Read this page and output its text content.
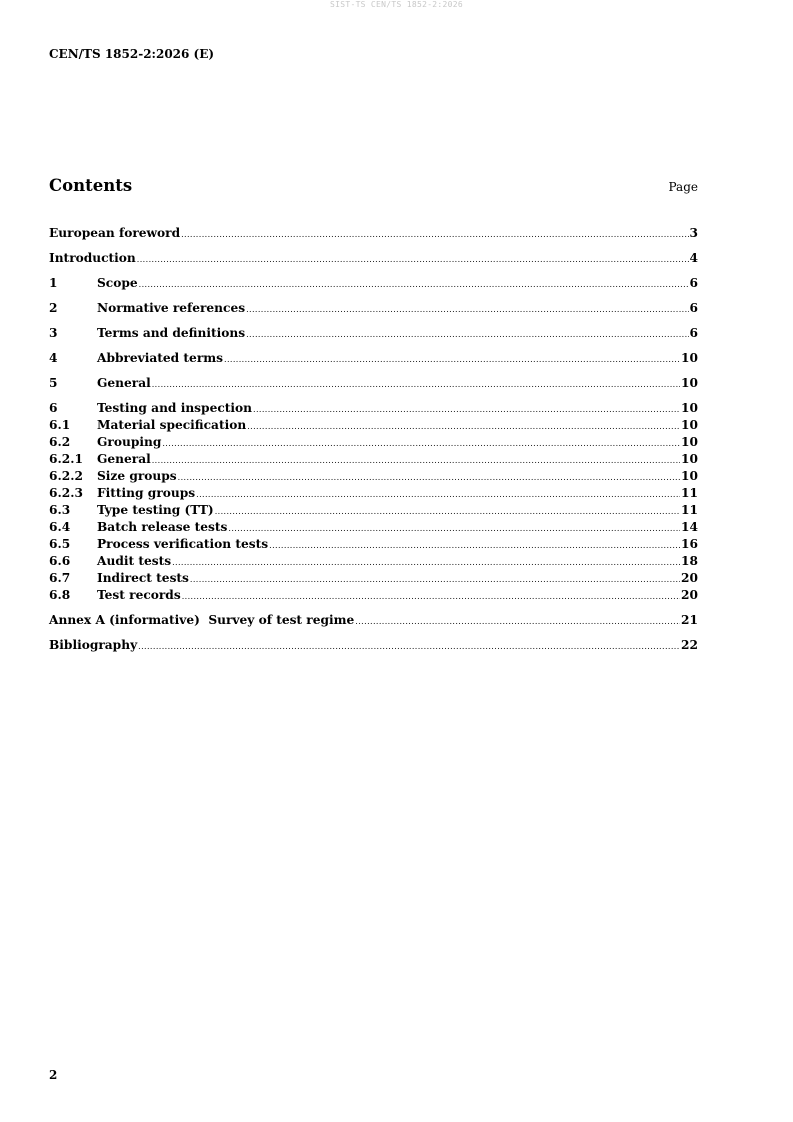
SIST-TS CEN/TS 1852-2:2026
CEN/TS 1852-2:2026 (E)
Contents	Page
European foreword .....	3
Introduction .....	4
1	Scope .....	6
2	Normative references .....	6
3	Terms and definitions .....	6
4	Abbreviated terms .....	10
5	General .....	10
6	Testing and inspection .....	10
6.1	Material specification .....	10
6.2	Grouping .....	10
6.2.1	General .....	10
6.2.2	Size groups .....	10
6.2.3	Fitting groups .....	11
6.3	Type testing (TT) .....	11
6.4	Batch release tests .....	14
6.5	Process verification tests .....	16
6.6	Audit tests .....	18
6.7	Indirect tests .....	20
6.8	Test records .....	20
Annex A (informative)  Survey of test regime .....	21
Bibliography .....	22
2
